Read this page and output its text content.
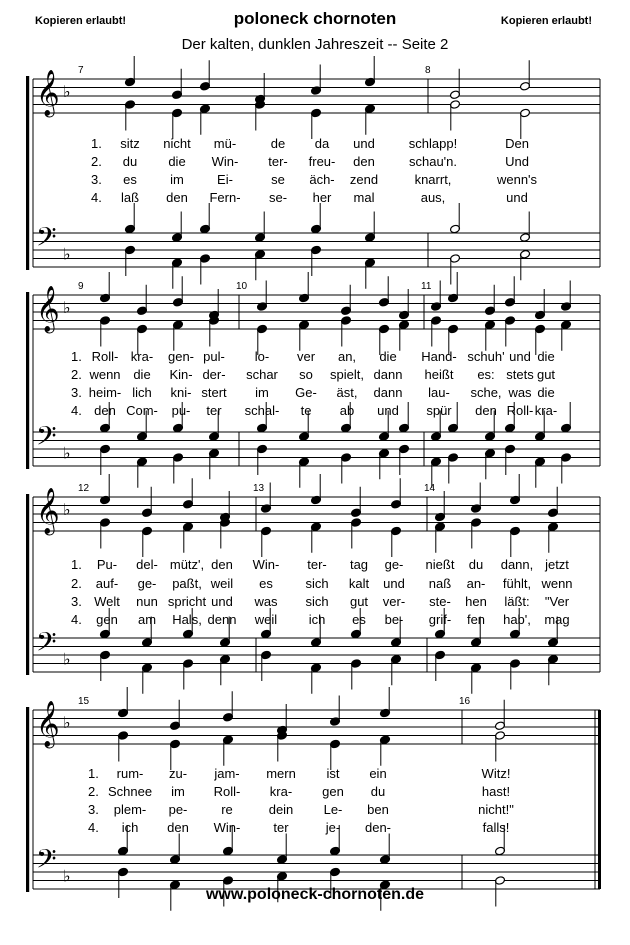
Kopieren erlaubt!	poloneck chornoten	Kopieren erlaubt!
Der kalten, dunklen Jahreszeit -- Seite 2
𝄞
𝄢
♭
♭
7	8
𝄞
𝄢
♭
♭
9	10	11
𝄞
𝄢
♭
♭
12	13	14
𝄞
𝄢
♭
♭
15	16
1. sitz nicht mü-	de da und	schlapp!	Den
2. du die Win- ter- freu- den	schau'n.	Und
3. es	im	Ei-	se äch- zend	knarrt,	wenn's
4. laß den Fern- se- her mal	aus,	und
1. Roll- kra- gen- pul- lo- ver an, die Hand- schuh' und die
2. wenn die Kin- der- schar so spielt, dann heißt es: stets gut
3. heim- lich kni- stert im Ge- äst, dann lau- sche, was die
4. den Com- pu- ter schal- te ab und spür den Roll- kra-
1. Pu- del- mütz', den Win- ter- tag ge- nießt du dann, jetzt
2. auf- ge- paßt, weil es	sich kalt und naß an- fühlt, wenn
3. Welt nun spricht und was sich gut ver- ste- hen läßt: "Ver
4. gen am Hals, denn weil ich es be- grif- fen hab', mag
1. rum- zu- jam- mern ist ein	Witz!
2. Schnee im Roll- kra- gen du	hast!
3. plem- pe-	re	dein Le- ben	nicht!"
4. ich den Win-	ter	je- den-	falls!
www.poloneck-chornoten.de
